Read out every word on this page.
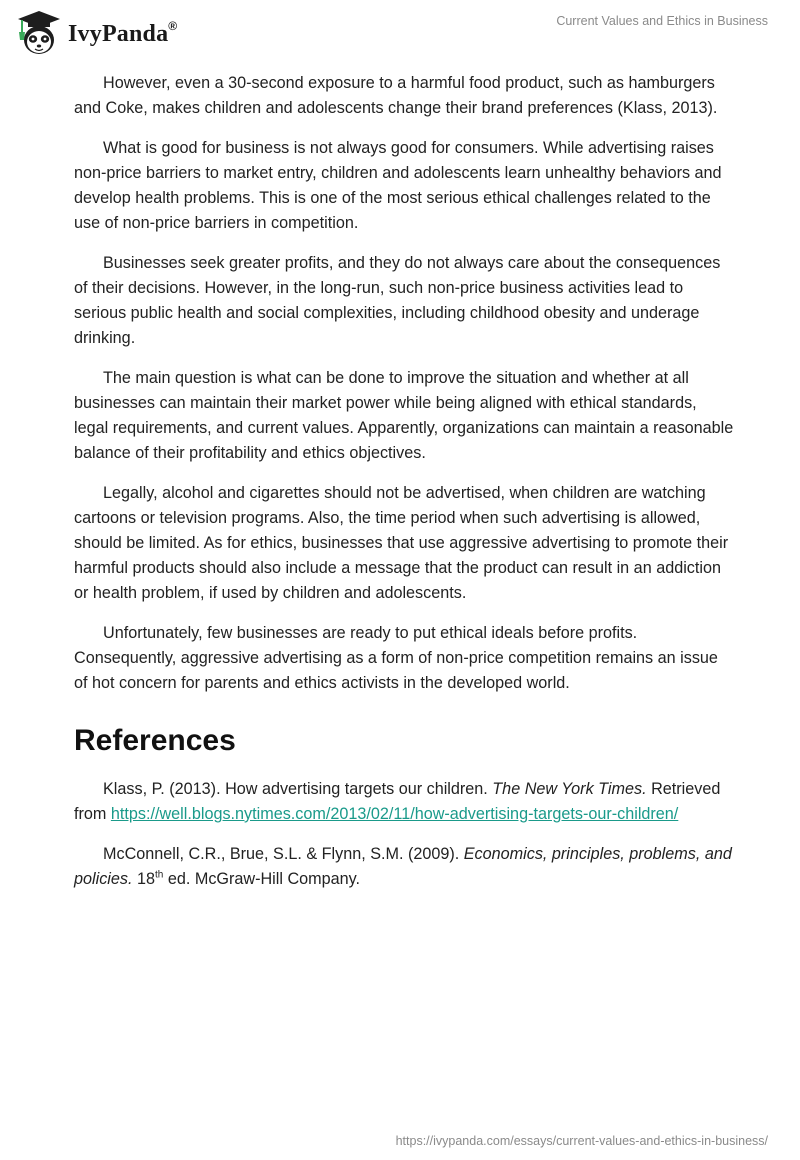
IvyPanda®	Current Values and Ethics in Business

However, even a 30-second exposure to a harmful food product, such as hamburgers and Coke, makes children and adolescents change their brand preferences (Klass, 2013).

What is good for business is not always good for consumers. While advertising raises non-price barriers to market entry, children and adolescents learn unhealthy behaviors and develop health problems. This is one of the most serious ethical challenges related to the use of non-price barriers in competition.

Businesses seek greater profits, and they do not always care about the consequences of their decisions. However, in the long-run, such non-price business activities lead to serious public health and social complexities, including childhood obesity and underage drinking.

The main question is what can be done to improve the situation and whether at all businesses can maintain their market power while being aligned with ethical standards, legal requirements, and current values. Apparently, organizations can maintain a reasonable balance of their profitability and ethics objectives.

Legally, alcohol and cigarettes should not be advertised, when children are watching cartoons or television programs. Also, the time period when such advertising is allowed, should be limited. As for ethics, businesses that use aggressive advertising to promote their harmful products should also include a message that the product can result in an addiction or health problem, if used by children and adolescents.

Unfortunately, few businesses are ready to put ethical ideals before profits. Consequently, aggressive advertising as a form of non-price competition remains an issue of hot concern for parents and ethics activists in the developed world.

References

Klass, P. (2013). How advertising targets our children. The New York Times. Retrieved from https://well.blogs.nytimes.com/2013/02/11/how-advertising-targets-our-children/

McConnell, C.R., Brue, S.L. & Flynn, S.M. (2009). Economics, principles, problems, and policies. 18th ed. McGraw-Hill Company.

https://ivypanda.com/essays/current-values-and-ethics-in-business/
